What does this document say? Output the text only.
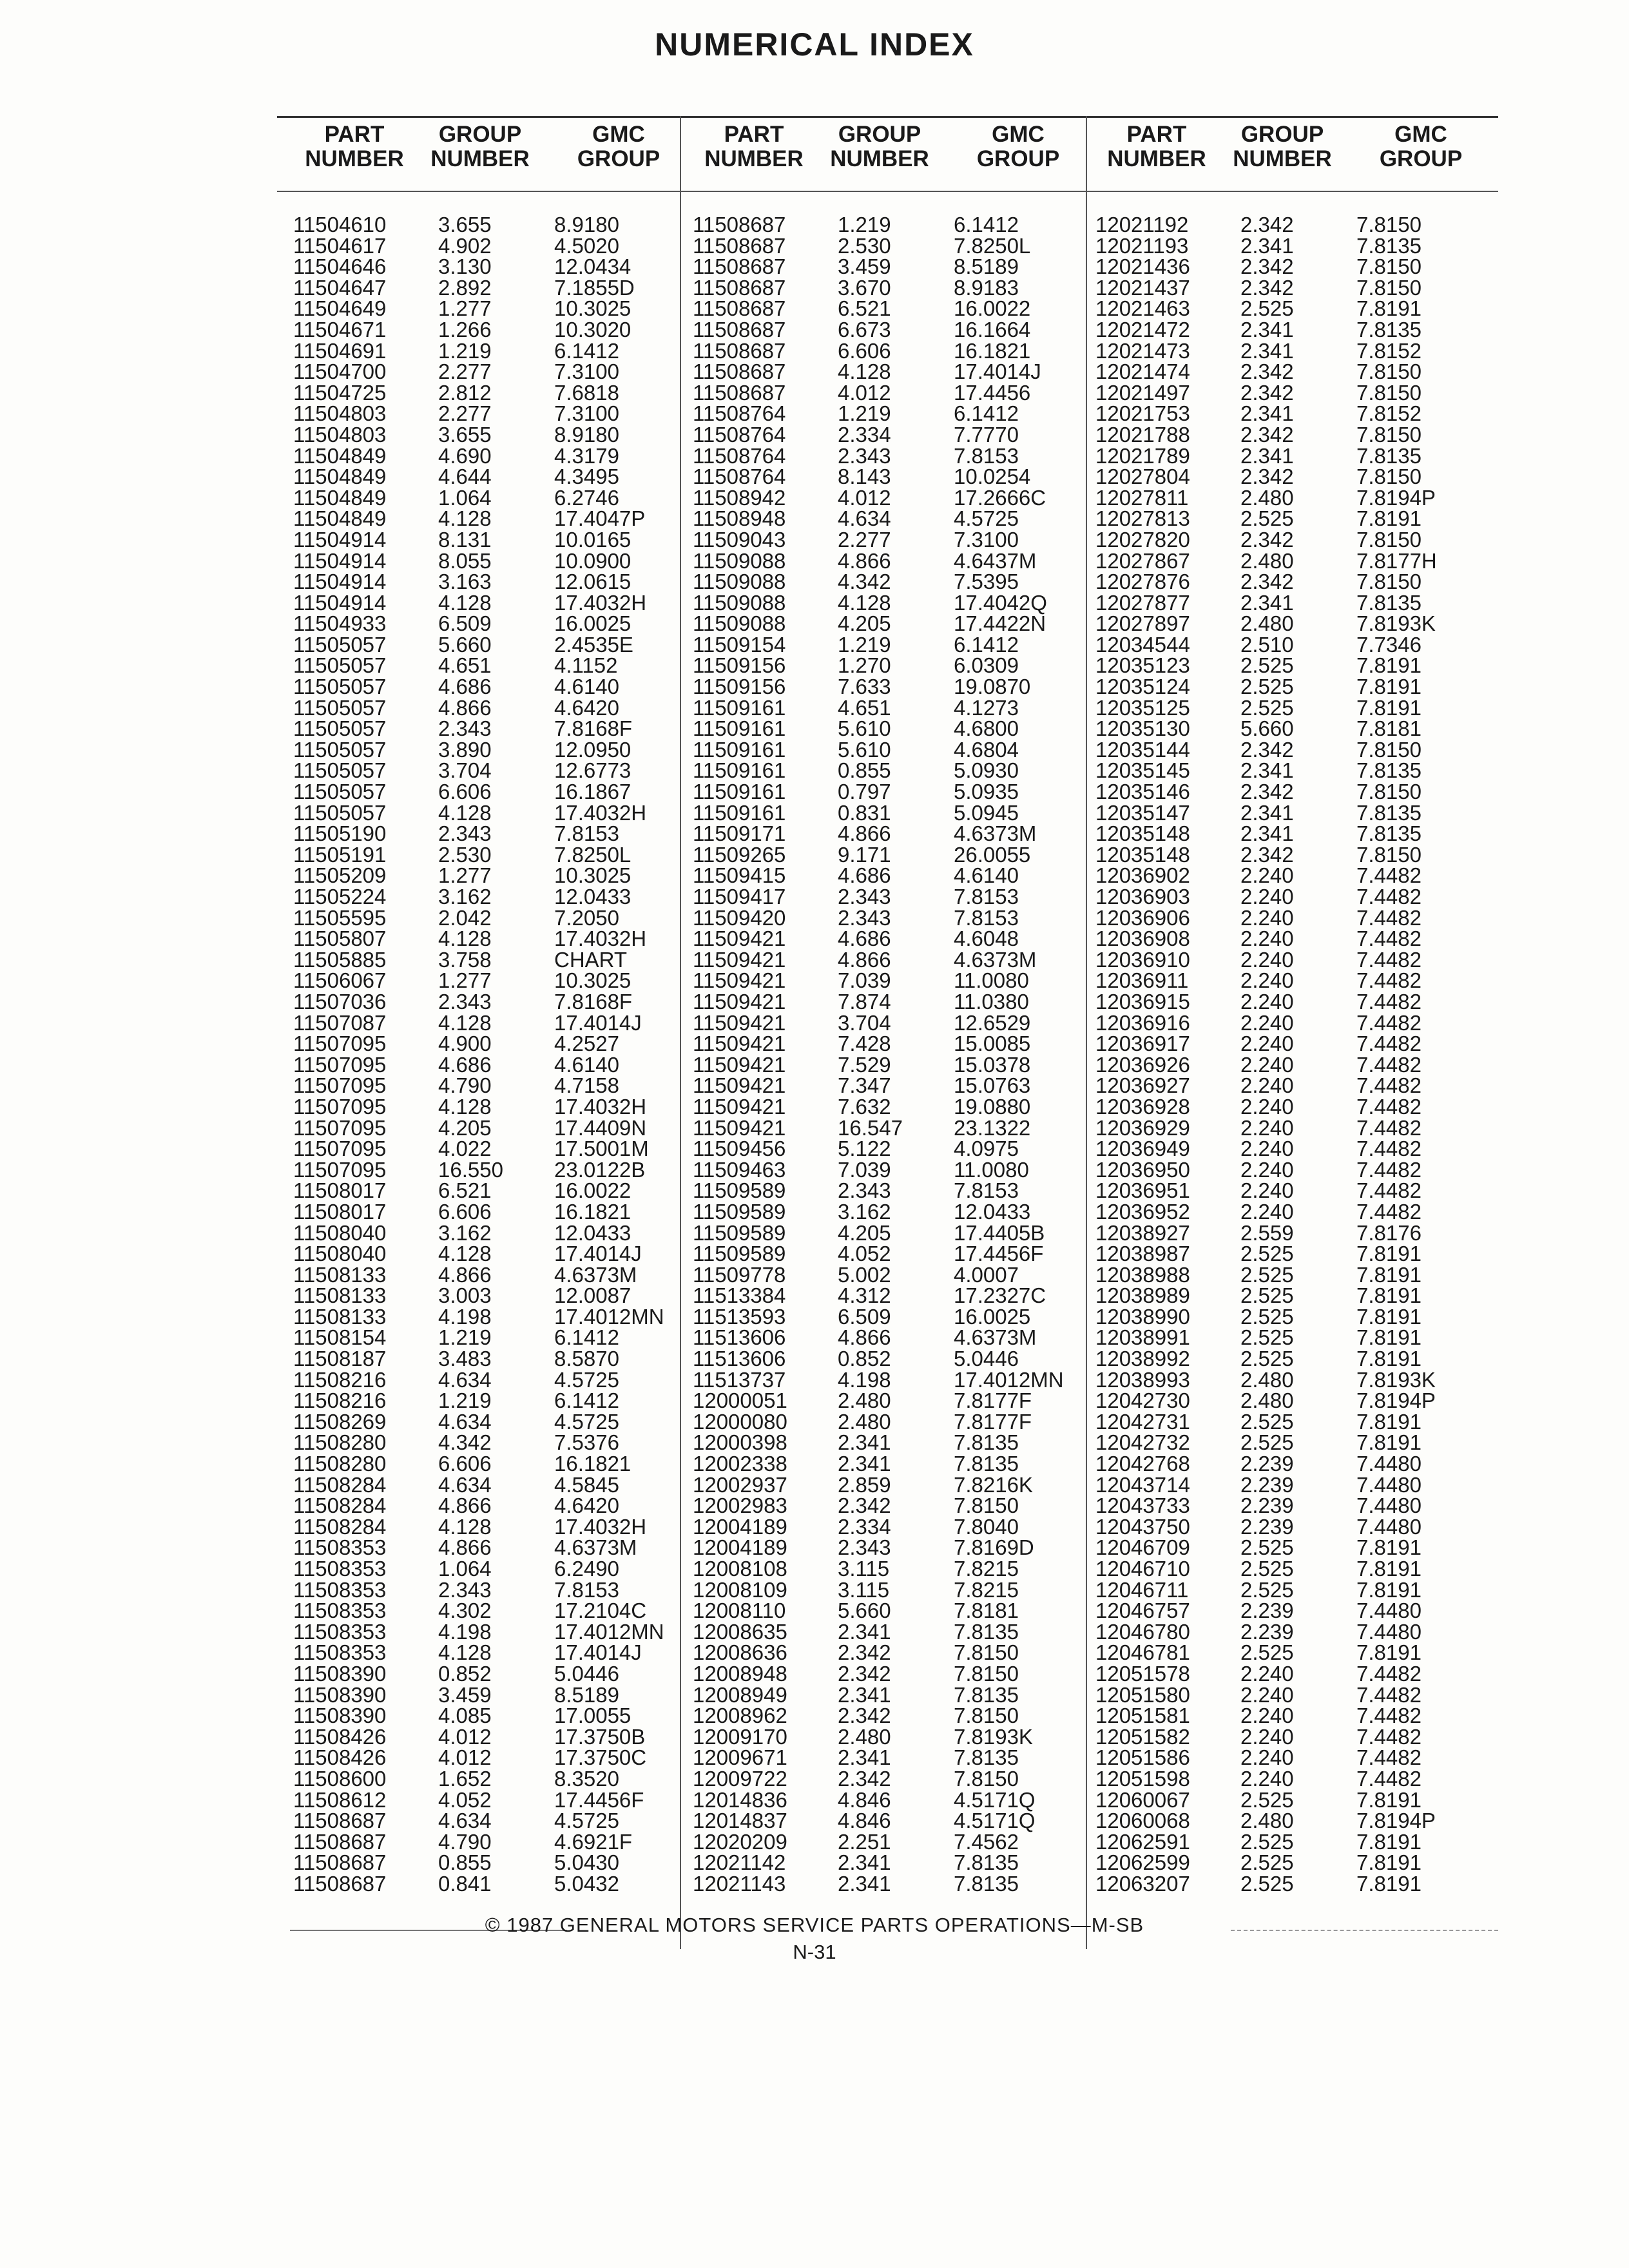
NUMERICAL INDEX
PART
NUMBER
GROUP
NUMBER
GMC
GROUP
11504610 3.655	8.9180
11504617 4.902	4.5020
11504646 3.130	12.0434
11504647 2.892	7.1855D
11504649 1.277	10.3025
11504671 1.266	10.3020
11504691 1.219	6.1412
11504700 2.277	7.3100
11504725 2.812	7.6818
11504803 2.277	7.3100
11504803 3.655	8.9180
11504849 4.690	4.3179
11504849 4.644	4.3495
11504849 1.064	6.2746
11504849 4.128	17.4047P
11504914 8.131	10.0165
11504914 8.055	10.0900
11504914 3.163	12.0615
11504914 4.128	17.4032H
11504933 6.509	16.0025
11505057 5.660	2.4535E
11505057 4.651	4.1152
11505057 4.686	4.6140
11505057 4.866	4.6420
11505057 2.343	7.8168F
11505057 3.890	12.0950
11505057 3.704	12.6773
11505057 6.606	16.1867
11505057 4.128	17.4032H
11505190 2.343	7.8153
11505191 2.530	7.8250L
11505209 1.277	10.3025
11505224 3.162	12.0433
11505595 2.042	7.2050
11505807 4.128	17.4032H
11505885 3.758	CHART
11506067 1.277	10.3025
11507036 2.343	7.8168F
11507087 4.128	17.4014J
11507095 4.900	4.2527
11507095 4.686	4.6140
11507095 4.790	4.7158
11507095 4.128	17.4032H
11507095 4.205	17.4409N
11507095 4.022	17.5001M
11507095 16.550 23.0122B
11508017 6.521	16.0022
11508017 6.606	16.1821
11508040 3.162	12.0433
11508040 4.128	17.4014J
11508133 4.866	4.6373M
11508133 3.003	12.0087
11508133 4.198	17.4012MN
11508154 1.219	6.1412
11508187 3.483	8.5870
11508216 4.634	4.5725
11508216 1.219	6.1412
11508269 4.634	4.5725
11508280 4.342	7.5376
11508280 6.606	16.1821
11508284 4.634	4.5845
11508284 4.866	4.6420
11508284 4.128	17.4032H
11508353 4.866	4.6373M
11508353 1.064	6.2490
11508353 2.343	7.8153
11508353 4.302	17.2104C
11508353 4.198	17.4012MN
11508353 4.128	17.4014J
11508390 0.852	5.0446
11508390 3.459	8.5189
11508390 4.085	17.0055
11508426 4.012	17.3750B
11508426 4.012	17.3750C
11508600 1.652	8.3520
11508612 4.052	17.4456F
11508687 4.634	4.5725
11508687 4.790	4.6921F
11508687 0.855	5.0430
11508687 0.841	5.0432
PART
NUMBER
GROUP
NUMBER
GMC
GROUP
11508687 1.219	6.1412
11508687 2.530	7.8250L
11508687 3.459	8.5189
11508687 3.670	8.9183
11508687 6.521	16.0022
11508687 6.673	16.1664
11508687 6.606	16.1821
11508687 4.128	17.4014J
11508687 4.012	17.4456
11508764 1.219	6.1412
11508764 2.334	7.7770
11508764 2.343	7.8153
11508764 8.143	10.0254
11508942 4.012	17.2666C
11508948 4.634	4.5725
11509043 2.277	7.3100
11509088 4.866	4.6437M
11509088 4.342	7.5395
11509088 4.128	17.4042Q
11509088 4.205	17.4422N
11509154 1.219	6.1412
11509156 1.270	6.0309
11509156 7.633	19.0870
11509161 4.651	4.1273
11509161 5.610	4.6800
11509161 5.610	4.6804
11509161 0.855	5.0930
11509161 0.797	5.0935
11509161 0.831	5.0945
11509171 4.866	4.6373M
11509265 9.171	26.0055
11509415 4.686	4.6140
11509417 2.343	7.8153
11509420 2.343	7.8153
11509421 4.686	4.6048
11509421 4.866	4.6373M
11509421 7.039	11.0080
11509421 7.874	11.0380
11509421 3.704	12.6529
11509421 7.428	15.0085
11509421 7.529	15.0378
11509421 7.347	15.0763
11509421 7.632	19.0880
11509421 16.547 23.1322
11509456 5.122	4.0975
11509463 7.039	11.0080
11509589 2.343	7.8153
11509589 3.162	12.0433
11509589 4.205	17.4405B
11509589 4.052	17.4456F
11509778 5.002	4.0007
11513384 4.312	17.2327C
11513593 6.509	16.0025
11513606 4.866	4.6373M
11513606 0.852	5.0446
11513737 4.198	17.4012MN
12000051 2.480	7.8177F
12000080 2.480	7.8177F
12000398 2.341	7.8135
12002338 2.341	7.8135
12002937 2.859	7.8216K
12002983 2.342	7.8150
12004189 2.334	7.8040
12004189 2.343	7.8169D
12008108 3.115	7.8215
12008109 3.115	7.8215
12008110 5.660	7.8181
12008635 2.341	7.8135
12008636 2.342	7.8150
12008948 2.342	7.8150
12008949 2.341	7.8135
12008962 2.342	7.8150
12009170 2.480	7.8193K
12009671 2.341	7.8135
12009722 2.342	7.8150
12014836 4.846	4.5171Q
12014837 4.846	4.5171Q
12020209 2.251	7.4562
12021142 2.341	7.8135
12021143 2.341	7.8135
PART
NUMBER
GROUP
NUMBER
GMC
GROUP
12021192 2.342	7.8150
12021193 2.341	7.8135
12021436 2.342	7.8150
12021437 2.342	7.8150
12021463 2.525	7.8191
12021472 2.341	7.8135
12021473 2.341	7.8152
12021474 2.342	7.8150
12021497 2.342	7.8150
12021753 2.341	7.8152
12021788 2.342	7.8150
12021789 2.341	7.8135
12027804 2.342	7.8150
12027811 2.480	7.8194P
12027813 2.525	7.8191
12027820 2.342	7.8150
12027867 2.480	7.8177H
12027876 2.342	7.8150
12027877 2.341	7.8135
12027897 2.480	7.8193K
12034544 2.510	7.7346
12035123 2.525	7.8191
12035124 2.525	7.8191
12035125 2.525	7.8191
12035130 5.660	7.8181
12035144 2.342	7.8150
12035145 2.341	7.8135
12035146 2.342	7.8150
12035147 2.341	7.8135
12035148 2.341	7.8135
12035148 2.342	7.8150
12036902 2.240	7.4482
12036903 2.240	7.4482
12036906 2.240	7.4482
12036908 2.240	7.4482
12036910 2.240	7.4482
12036911 2.240	7.4482
12036915 2.240	7.4482
12036916 2.240	7.4482
12036917 2.240	7.4482
12036926 2.240	7.4482
12036927 2.240	7.4482
12036928 2.240	7.4482
12036929 2.240	7.4482
12036949 2.240	7.4482
12036950 2.240	7.4482
12036951 2.240	7.4482
12036952 2.240	7.4482
12038927 2.559	7.8176
12038987 2.525	7.8191
12038988 2.525	7.8191
12038989 2.525	7.8191
12038990 2.525	7.8191
12038991 2.525	7.8191
12038992 2.525	7.8191
12038993 2.480	7.8193K
12042730 2.480	7.8194P
12042731 2.525	7.8191
12042732 2.525	7.8191
12042768 2.239	7.4480
12043714 2.239	7.4480
12043733 2.239	7.4480
12043750 2.239	7.4480
12046709 2.525	7.8191
12046710 2.525	7.8191
12046711 2.525	7.8191
12046757 2.239	7.4480
12046780 2.239	7.4480
12046781 2.525	7.8191
12051578 2.240	7.4482
12051580 2.240	7.4482
12051581 2.240	7.4482
12051582 2.240	7.4482
12051586 2.240	7.4482
12051598 2.240	7.4482
12060067 2.525	7.8191
12060068 2.480	7.8194P
12062591 2.525	7.8191
12062599 2.525	7.8191
12063207 2.525	7.8191
© 1987 GENERAL MOTORS SERVICE PARTS OPERATIONS—M-SB
N-31
